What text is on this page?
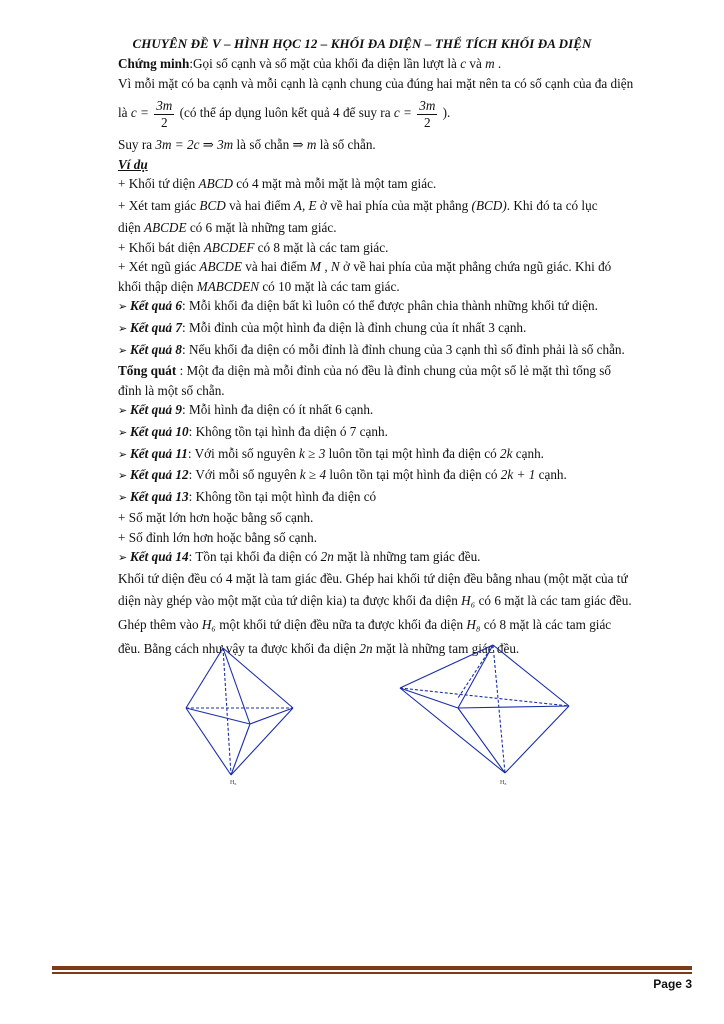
CHUYÊN ĐỀ V – HÌNH HỌC 12 – KHỐI ĐA DIỆN – THỂ TÍCH KHỐI ĐA DIỆN
Chứng minh:Gọi số cạnh và số mặt của khối đa diện lần lượt là c và m .
Vì mỗi mặt có ba cạnh và mỗi cạnh là cạnh chung của đúng hai mặt nên ta có số cạnh của đa diện
là $c = \frac{3m}{2}$ (có thể áp dụng luôn kết quả 4 để suy ra $c = \frac{3m}{2}$ ).
Suy ra 3m = 2c ⇒ 3m là số chẵn ⇒ m là số chẵn.
Ví dụ
+ Khối tứ diện ABCD có 4 mặt mà mỗi mặt là một tam giác.
+ Xét tam giác BCD và hai điểm A, E ở về hai phía của mặt phẳng (BCD). Khi đó ta có lục
diện ABCDE có 6 mặt là những tam giác.
+ Khối bát diện ABCDEF có 8 mặt là các tam giác.
+ Xét ngũ giác ABCDE và hai điểm M , N ở về hai phía của mặt phẳng chứa ngũ giác. Khi đó
khối thập diện MABCDEN có 10 mặt là các tam giác.
➢ Kết quả 6: Mỗi khối đa diện bất kì luôn có thể được phân chia thành những khối tứ diện.
➢ Kết quả 7: Mỗi đỉnh của một hình đa diện là đỉnh chung của ít nhất 3 cạnh.
➢ Kết quả 8: Nếu khối đa diện có mỗi đỉnh là đỉnh chung của 3 cạnh thì số đỉnh phải là số chẵn.
Tổng quát : Một đa diện mà mỗi đỉnh của nó đều là đỉnh chung của một số lẻ mặt thì tổng số
đỉnh là một số chẵn.
➢ Kết quả 9: Mỗi hình đa diện có ít nhất 6 cạnh.
➢ Kết quả 10: Không tồn tại hình đa diện ó 7 cạnh.
➢ Kết quả 11: Với mỗi số nguyên k ≥ 3 luôn tồn tại một hình đa diện có 2k cạnh.
➢ Kết quả 12: Với mỗi số nguyên k ≥ 4 luôn tồn tại một hình đa diện có 2k + 1 cạnh.
➢ Kết quả 13: Không tồn tại một hình đa diện có
+ Số mặt lớn hơn hoặc bằng số cạnh.
+ Số đỉnh lớn hơn hoặc bằng số cạnh.
➢ Kết quả 14: Tồn tại khối đa diện có 2n mặt là những tam giác đều.
Khối tứ diện đều có 4 mặt là tam giác đều. Ghép hai khối tứ diện đều bằng nhau (một mặt của tứ
diện này ghép vào một mặt của tứ diện kia) ta được khối đa diện H₆ có 6 mặt là các tam giác đều.
Ghép thêm vào H₆ một khối tứ diện đều nữa ta được khối đa diện H₈ có 8 mặt là các tam giác
đều. Bằng cách như vậy ta được khối đa diện 2n mặt là những tam giác đều.
H₆	H₈
Page 3
